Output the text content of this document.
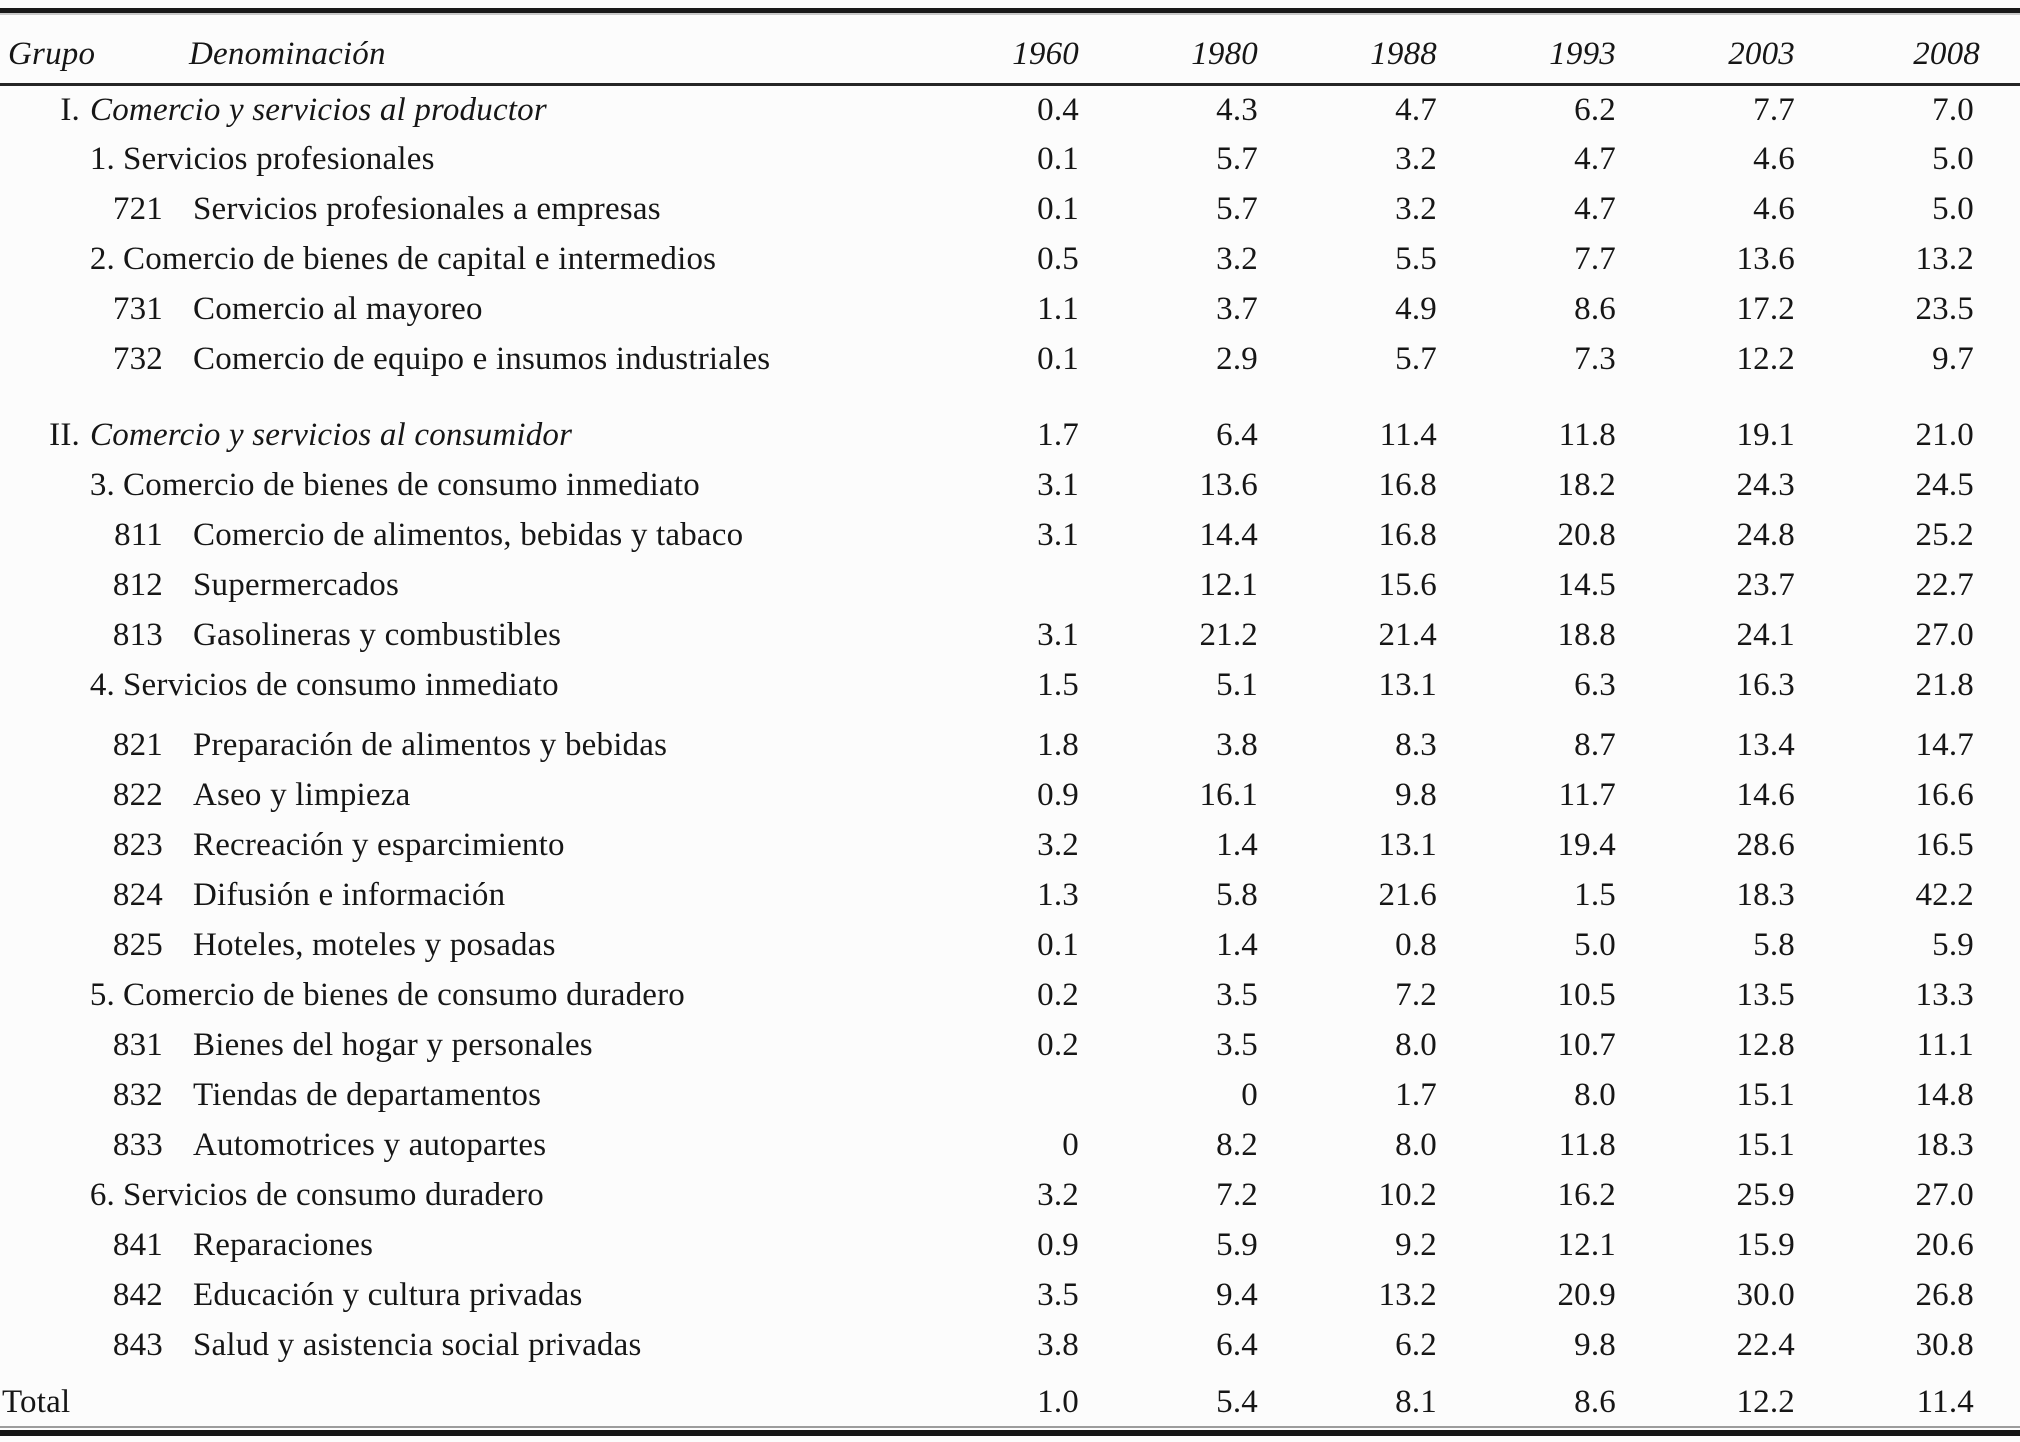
Grupo Denominación	1960	1980	1988	1993	2003	2008
I. Comercio y servicios al productor	0.4	4.3	4.7	6.2	7.7	7.0
1. Servicios profesionales	0.1	5.7	3.2	4.7	4.6	5.0
721 Servicios profesionales a empresas	0.1	5.7	3.2	4.7	4.6	5.0
2. Comercio de bienes de capital e intermedios	0.5	3.2	5.5	7.7	13.6	13.2
731 Comercio al mayoreo	1.1	3.7	4.9	8.6	17.2	23.5
732 Comercio de equipo e insumos industriales	0.1	2.9	5.7	7.3	12.2	9.7

II. Comercio y servicios al consumidor	1.7	6.4	11.4	11.8	19.1	21.0
3. Comercio de bienes de consumo inmediato	3.1	13.6	16.8	18.2	24.3	24.5
811 Comercio de alimentos, bebidas y tabaco	3.1	14.4	16.8	20.8	24.8	25.2
812 Supermercados		12.1	15.6	14.5	23.7	22.7
813 Gasolineras y combustibles	3.1	21.2	21.4	18.8	24.1	27.0
4. Servicios de consumo inmediato	1.5	5.1	13.1	6.3	16.3	21.8

821 Preparación de alimentos y bebidas	1.8	3.8	8.3	8.7	13.4	14.7
822 Aseo y limpieza	0.9	16.1	9.8	11.7	14.6	16.6
823 Recreación y esparcimiento	3.2	1.4	13.1	19.4	28.6	16.5
824 Difusión e información	1.3	5.8	21.6	1.5	18.3	42.2
825 Hoteles, moteles y posadas	0.1	1.4	0.8	5.0	5.8	5.9
5. Comercio de bienes de consumo duradero	0.2	3.5	7.2	10.5	13.5	13.3
831 Bienes del hogar y personales	0.2	3.5	8.0	10.7	12.8	11.1
832 Tiendas de departamentos		0	1.7	8.0	15.1	14.8
833 Automotrices y autopartes	0	8.2	8.0	11.8	15.1	18.3
6. Servicios de consumo duradero	3.2	7.2	10.2	16.2	25.9	27.0
841 Reparaciones	0.9	5.9	9.2	12.1	15.9	20.6
842 Educación y cultura privadas	3.5	9.4	13.2	20.9	30.0	26.8
843 Salud y asistencia social privadas	3.8	6.4	6.2	9.8	22.4	30.8

Total	1.0	5.4	8.1	8.6	12.2	11.4
